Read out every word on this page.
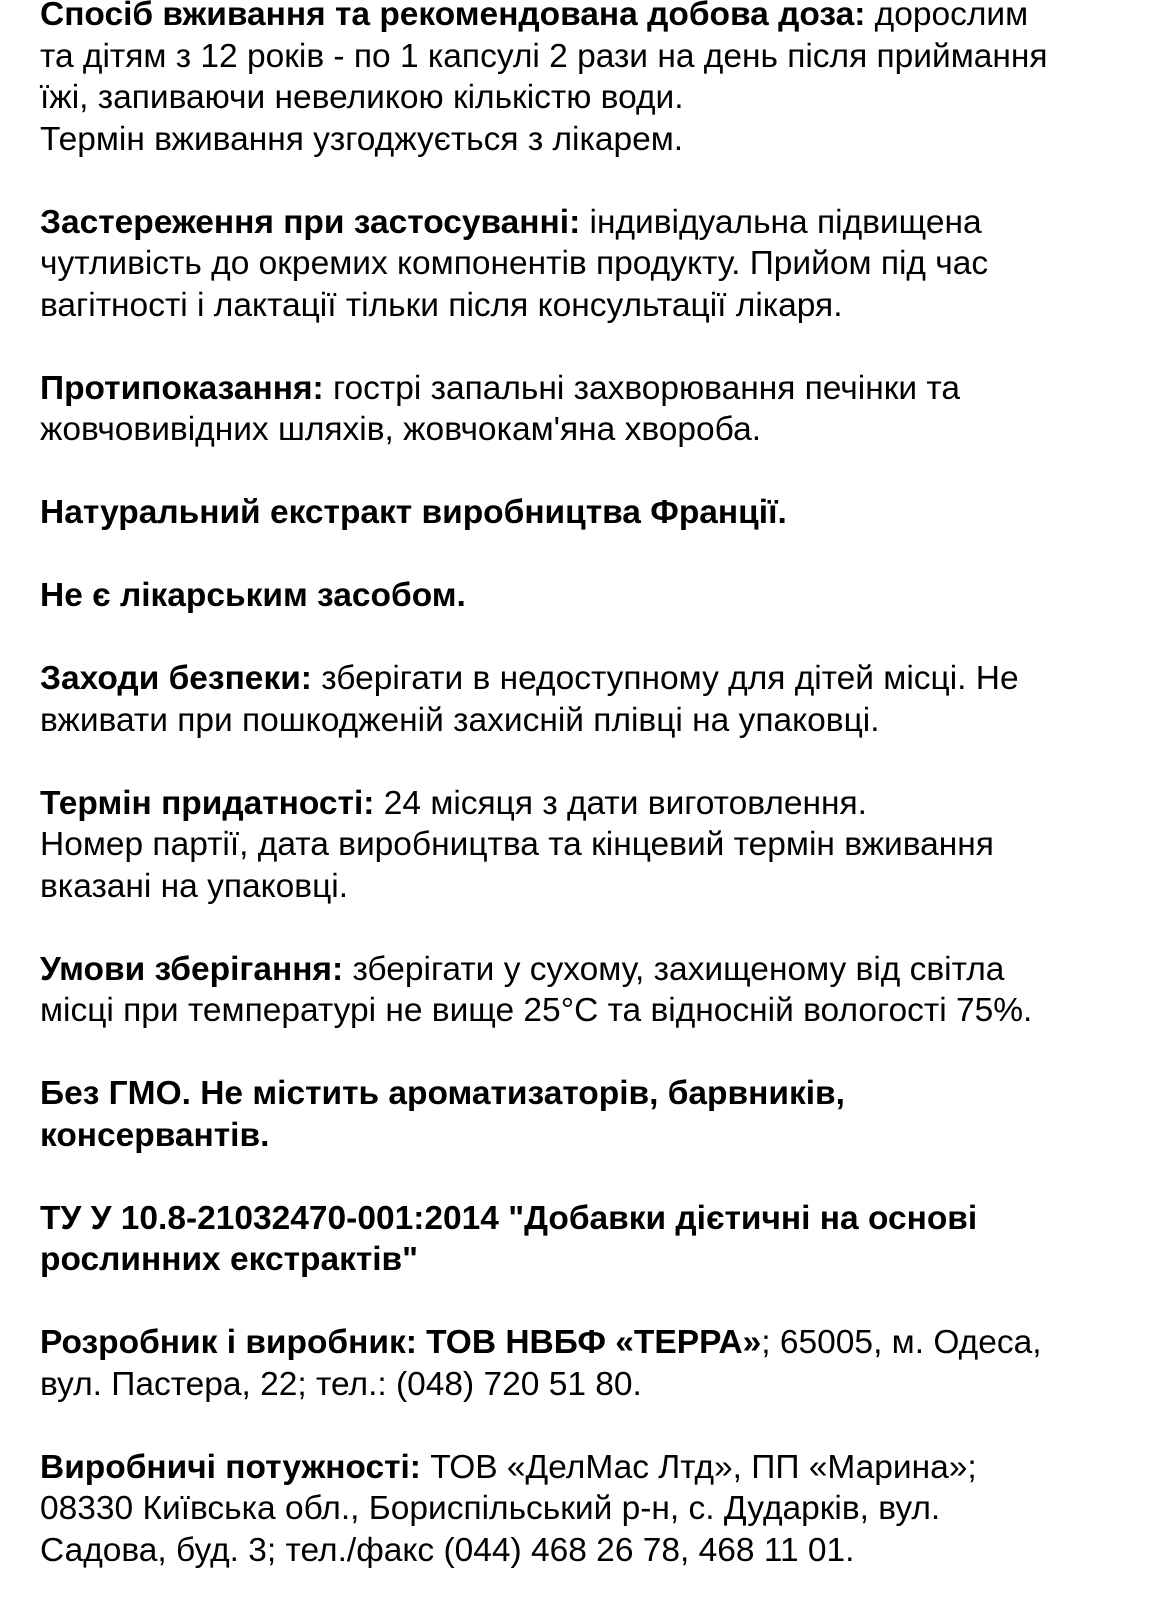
Спосіб вживання та рекомендована добова доза: дорослим
та дітям з 12 років - по 1 капсулі 2 рази на день після приймання
їжі, запиваючи невеликою кількістю води.
Термін вживання узгоджується з лікарем.
Застереження при застосуванні: індивідуальна підвищена
чутливість до окремих компонентів продукту. Прийом під час
вагітності і лактації тільки після консультації лікаря.
Протипоказання: гострі запальні захворювання печінки та
жовчовивідних шляхів, жовчокам'яна хвороба.
Натуральний екстракт виробництва Франції.
Не є лікарським засобом.
Заходи безпеки: зберігати в недоступному для дітей місці. Не
вживати при пошкодженій захисній плівці на упаковці.
Термін придатності: 24 місяця з дати виготовлення.
Номер партії, дата виробництва та кінцевий термін вживання
вказані на упаковці.
Умови зберігання: зберігати у сухому, захищеному від світла
місці при температурі не вище 25°C та відносній вологості 75%.
Без ГМО. Не містить ароматизаторів, барвників,
консервантів.
ТУ У 10.8-21032470-001:2014 "Добавки дієтичні на основі
рослинних екстрактів"
Розробник і виробник: ТОВ НВБФ «ТЕРРА»; 65005, м. Одеса,
вул. Пастера, 22; тел.: (048) 720 51 80.
Виробничі потужності: ТОВ «ДелМас Лтд», ПП «Марина»;
08330 Київська обл., Бориспільський р-н, с. Дударків, вул.
Садова, буд. 3; тел./факс (044) 468 26 78, 468 11 01.
